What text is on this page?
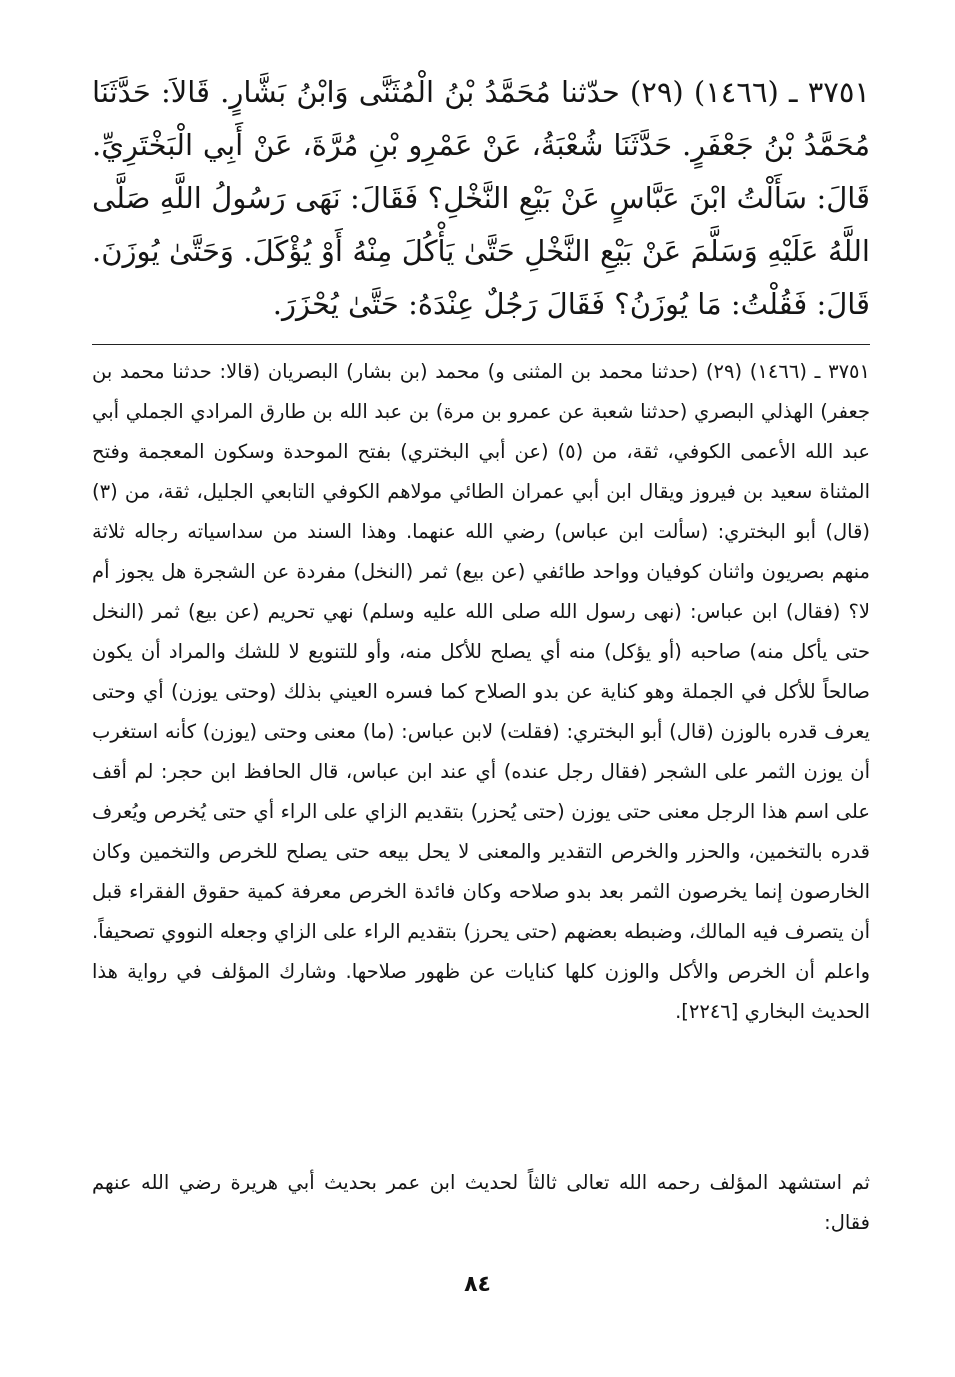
٣٧٥١ ـ (١٤٦٦) (٢٩) حدّثنا مُحَمَّدُ بْنُ الْمُثَنَّى وَابْنُ بَشَّارٍ. قَالاَ: حَدَّثَنَا مُحَمَّدُ بْنُ جَعْفَرٍ. حَدَّثَنَا شُعْبَةُ، عَنْ عَمْرِو بْنِ مُرَّةَ، عَنْ أَبِي الْبَخْتَرِيِّ. قَالَ: سَأَلْتُ ابْنَ عَبَّاسٍ عَنْ بَيْعِ النَّخْلِ؟ فَقَالَ: نَهَى رَسُولُ اللَّهِ صَلَّى اللَّهُ عَلَيْهِ وَسَلَّمَ عَنْ بَيْعِ النَّخْلِ حَتَّىٰ يَأْكُلَ مِنْهُ أَوْ يُؤْكَلَ. وَحَتَّىٰ يُوزَنَ. قَالَ: فَقُلْتُ: مَا يُوزَنُ؟ فَقَالَ رَجُلٌ عِنْدَهُ: حَتَّىٰ يُحْزَرَ.
٣٧٥١ ـ (١٤٦٦) (٢٩) (حدثنا محمد بن المثنى و) محمد (بن بشار) البصريان (قالا: حدثنا محمد بن جعفر) الهذلي البصري (حدثنا شعبة عن عمرو بن مرة) بن عبد الله بن طارق المرادي الجملي أبي عبد الله الأعمى الكوفي، ثقة، من (٥) (عن أبي البختري) بفتح الموحدة وسكون المعجمة وفتح المثناة سعيد بن فيروز ويقال ابن أبي عمران الطائي مولاهم الكوفي التابعي الجليل، ثقة، من (٣) (قال) أبو البختري: (سألت ابن عباس) رضي الله عنهما. وهذا السند من سداسياته رجاله ثلاثة منهم بصريون واثنان كوفيان وواحد طائفي (عن بيع) ثمر (النخل) مفردة عن الشجرة هل يجوز أم لا؟ (فقال) ابن عباس: (نهى رسول الله صلى الله عليه وسلم) نهي تحريم (عن بيع) ثمر (النخل حتى يأكل منه) صاحبه (أو يؤكل) منه أي يصلح للأكل منه، وأو للتنويع لا للشك والمراد أن يكون صالحاً للأكل في الجملة وهو كناية عن بدو الصلاح كما فسره العيني بذلك (وحتى يوزن) أي وحتى يعرف قدره بالوزن (قال) أبو البختري: (فقلت) لابن عباس: (ما) معنى وحتى (يوزن) كأنه استغرب أن يوزن الثمر على الشجر (فقال رجل عنده) أي عند ابن عباس، قال الحافظ ابن حجر: لم أقف على اسم هذا الرجل معنى حتى يوزن (حتى يُحزر) بتقديم الزاي على الراء أي حتى يُخرص ويُعرف قدره بالتخمين، والحزر والخرص التقدير والمعنى لا يحل بيعه حتى يصلح للخرص والتخمين وكان الخارصون إنما يخرصون الثمر بعد بدو صلاحه وكان فائدة الخرص معرفة كمية حقوق الفقراء قبل أن يتصرف فيه المالك، وضبطه بعضهم (حتى يحرز) بتقديم الراء على الزاي وجعله النووي تصحيفاً. واعلم أن الخرص والأكل والوزن كلها كنايات عن ظهور صلاحها. وشارك المؤلف في رواية هذا الحديث البخاري [٢٢٤٦].
ثم استشهد المؤلف رحمه الله تعالى ثالثاً لحديث ابن عمر بحديث أبي هريرة رضي الله عنهم فقال:
٨٤
